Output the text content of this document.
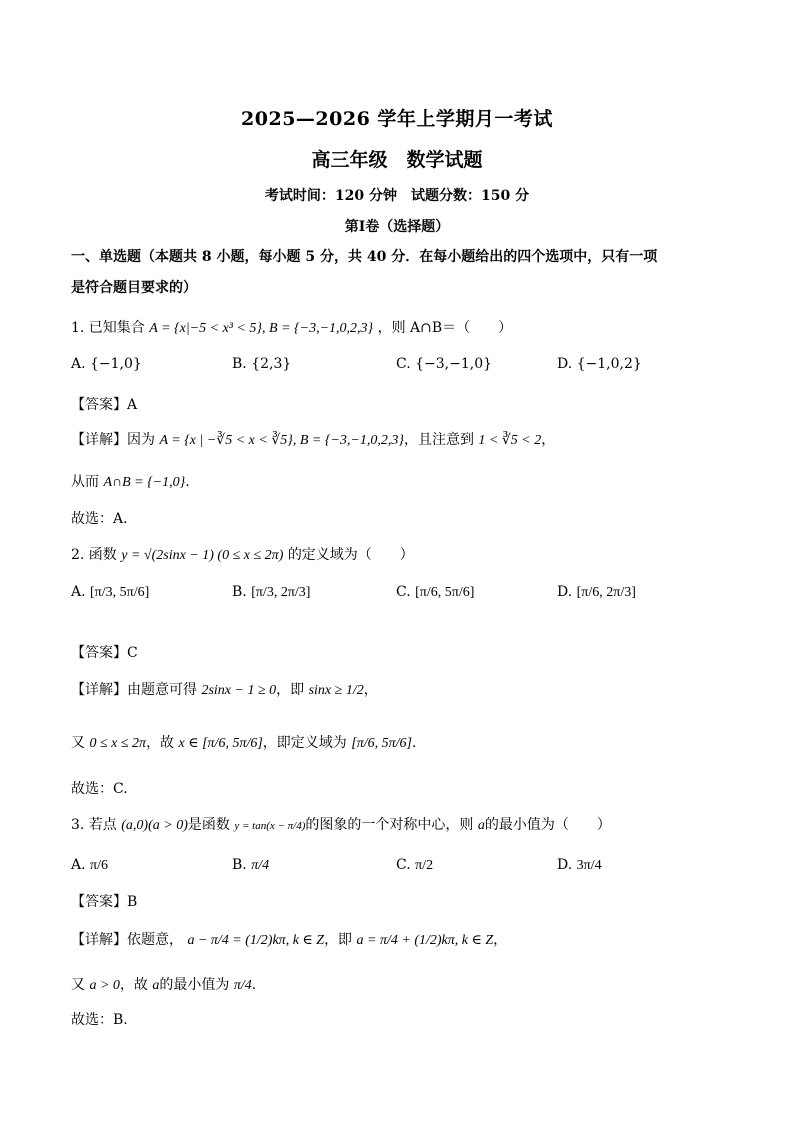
2025—2026 学年上学期月一考试
高三年级　数学试题
考试时间：120 分钟　试题分数：150 分
第Ⅰ卷（选择题）
一、单选题（本题共 8 小题，每小题 5 分，共 40 分．在每小题给出的四个选项中，只有一项
是符合题目要求的）
1. 已知集合 A = {x|−5 < x³ < 5}, B = {−3,−1,0,2,3} ，则 A∩B＝（　　）
A. {−1,0}	B. {2,3}	C. {−3,−1,0}	D. {−1,0,2}
【答案】A
【详解】因为 A = {x | −∛5 < x < ∛5}, B = {−3,−1,0,2,3}，且注意到 1 < ∛5 < 2，
从而 A∩B = {−1,0}.
故选：A.
2. 函数 y = √(2sinx − 1) (0 ≤ x ≤ 2π) 的定义域为（　　）
A. [π/3, 5π/6]	B. [π/3, 2π/3]	C. [π/6, 5π/6]	D. [π/6, 2π/3]
【答案】C
【详解】由题意可得 2sinx − 1 ≥ 0，即 sinx ≥ 1/2，
又 0 ≤ x ≤ 2π，故 x ∈ [π/6, 5π/6]，即定义域为 [π/6, 5π/6].
故选：C.
3. 若点 (a,0)(a > 0)是函数 y = tan(x − π/4)的图象的一个对称中心，则 a的最小值为（　　）
A. π/6	B. π/4	C. π/2	D. 3π/4
【答案】B
【详解】依题意， a − π/4 = (1/2)kπ, k ∈ Z，即 a = π/4 + (1/2)kπ, k ∈ Z，
又 a > 0，故 a的最小值为 π/4.
故选：B.
